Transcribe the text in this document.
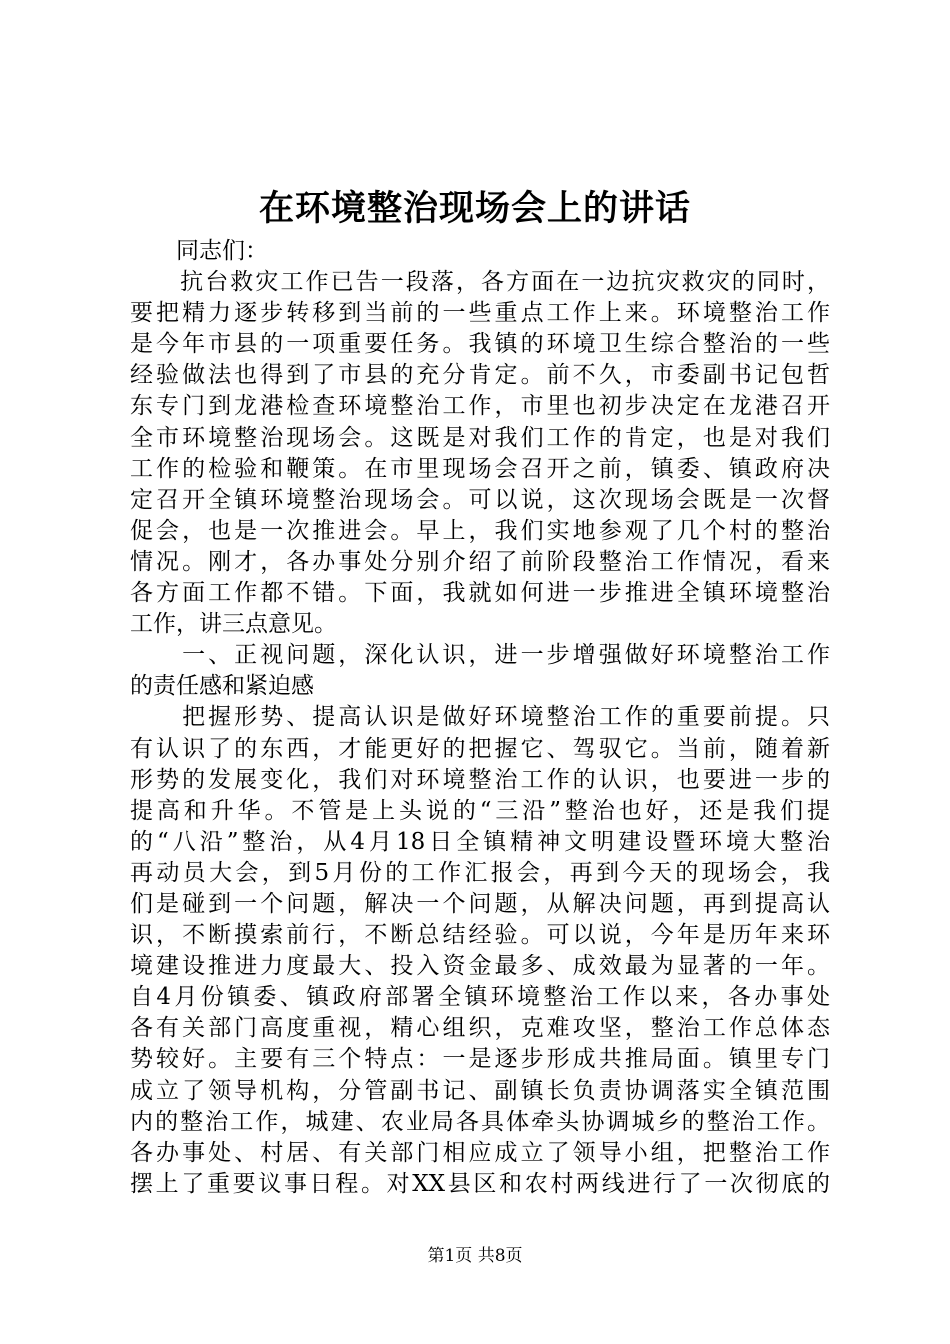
在环境整治现场会上的讲话
　　同志们：
　　抗台救灾工作已告一段落，各方面在一边抗灾救灾的同时，
要把精力逐步转移到当前的一些重点工作上来。环境整治工作
是今年市县的一项重要任务。我镇的环境卫生综合整治的一些
经验做法也得到了市县的充分肯定。前不久，市委副书记包哲
东专门到龙港检查环境整治工作，市里也初步决定在龙港召开
全市环境整治现场会。这既是对我们工作的肯定，也是对我们
工作的检验和鞭策。在市里现场会召开之前，镇委、镇政府决
定召开全镇环境整治现场会。可以说，这次现场会既是一次督
促会，也是一次推进会。早上，我们实地参观了几个村的整治
情况。刚才，各办事处分别介绍了前阶段整治工作情况，看来
各方面工作都不错。下面，我就如何进一步推进全镇环境整治
工作，讲三点意见。
　　一、正视问题，深化认识，进一步增强做好环境整治工作
的责任感和紧迫感
　　把握形势、提高认识是做好环境整治工作的重要前提。只
有认识了的东西，才能更好的把握它、驾驭它。当前，随着新
形势的发展变化，我们对环境整治工作的认识，也要进一步的
提高和升华。不管是上头说的“三沿”整治也好，还是我们提
的“八沿”整治，从4月18日全镇精神文明建设暨环境大整治
再动员大会，到5月份的工作汇报会，再到今天的现场会，我
们是碰到一个问题，解决一个问题，从解决问题，再到提高认
识，不断摸索前行，不断总结经验。可以说，今年是历年来环
境建设推进力度最大、投入资金最多、成效最为显著的一年。
自4月份镇委、镇政府部署全镇环境整治工作以来，各办事处
各有关部门高度重视，精心组织，克难攻坚，整治工作总体态
势较好。主要有三个特点：一是逐步形成共推局面。镇里专门
成立了领导机构，分管副书记、副镇长负责协调落实全镇范围
内的整治工作，城建、农业局各具体牵头协调城乡的整治工作。
各办事处、村居、有关部门相应成立了领导小组，把整治工作
摆上了重要议事日程。对XX县区和农村两线进行了一次彻底的
第1页 共8页
